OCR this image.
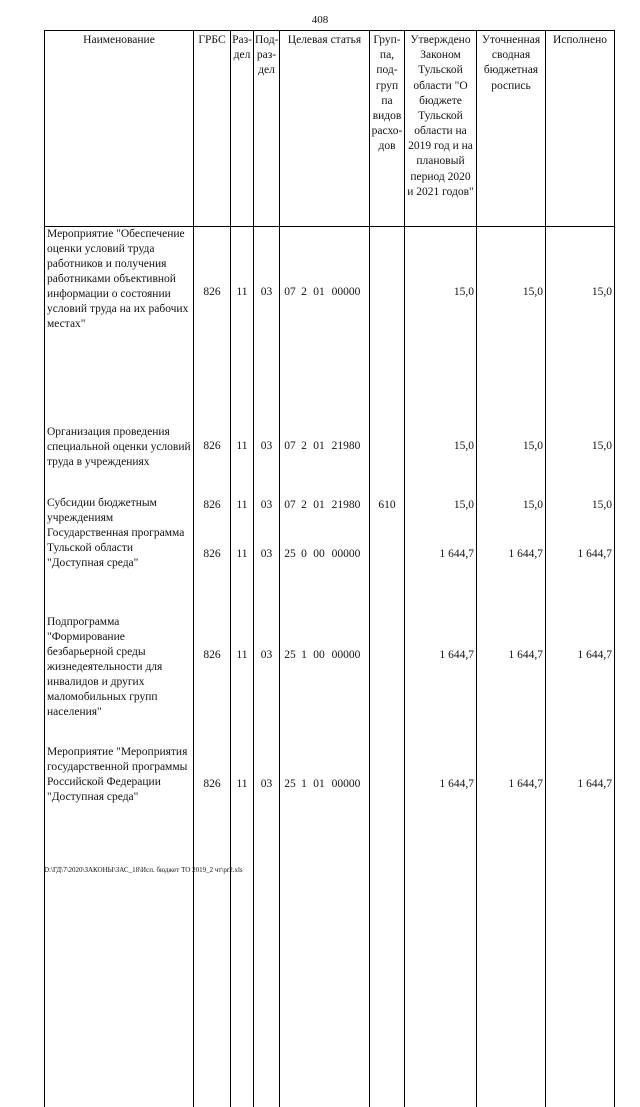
408
Наименование	ГРБС	Раз-дел	Под-раз-дел	Целевая статья	Груп-па, под-груп па видов расхо-дов	Утверждено Законом Тульской области "О бюджете Тульской области на 2019 год и на плановый период 2020 и 2021 годов"	Уточненная сводная бюджетная роспись	Исполнено
Мероприятие "Обеспечение оценки условий труда работников и получения работниками объективной информации о состоянии условий труда на их рабочих местах"	826	11	03	07 2 01 00000		15,0	15,0	15,0
Организация проведения специальной оценки условий труда в учреждениях	826	11	03	07 2 01 21980		15,0	15,0	15,0
Субсидии бюджетным учреждениям	826	11	03	07 2 01 21980	610	15,0	15,0	15,0
Государственная программа Тульской области "Доступная среда"	826	11	03	25 0 00 00000		1 644,7	1 644,7	1 644,7
Подпрограмма "Формирование безбарьерной среды жизнедеятельности для инвалидов и других маломобильных групп населения"	826	11	03	25 1 00 00000		1 644,7	1 644,7	1 644,7
Мероприятие "Мероприятия государственной программы Российской Федерации "Доступная среда"	826	11	03	25 1 01 00000		1 644,7	1 644,7	1 644,7

D:\ГД\7\2020\ЗАКОНЫ\ЗАС_18\Исп. бюджет ТО 2019_2 чт\pr2.xls
